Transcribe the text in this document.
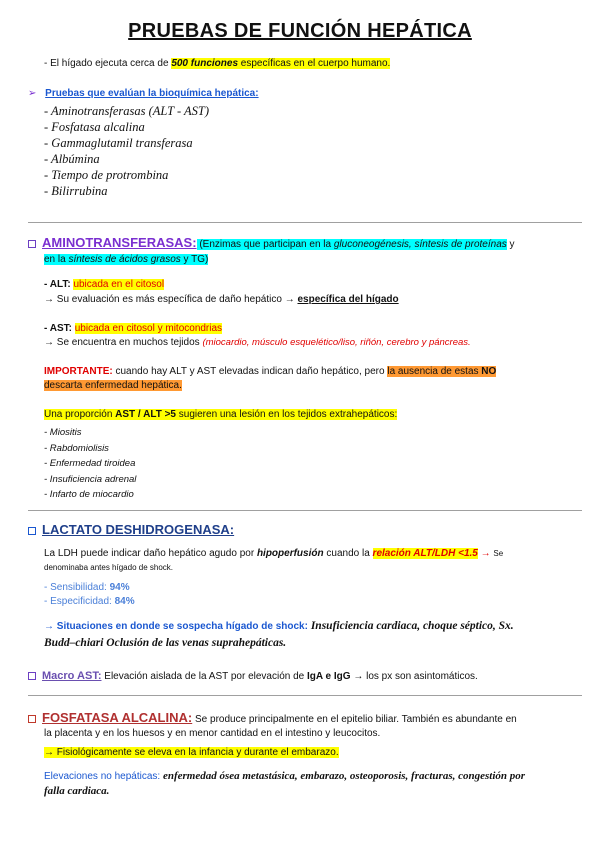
PRUEBAS DE FUNCIÓN HEPÁTICA
- El hígado ejecuta cerca de 500 funciones específicas en el cuerpo humano.
➢ Pruebas que evalúan la bioquímica hepática:
- Aminotransferasas (ALT - AST)
- Fosfatasa alcalina
- Gammaglutamil transferasa
- Albúmina
- Tiempo de protrombina
- Bilirrubina
AMINOTRANSFERASAS: (Enzimas que participan en la gluconeogénesis, síntesis de proteínas y
en la síntesis de ácidos grasos y TG)
- ALT: ubicada en el citosol
→ Su evaluación es más específica de daño hepático → específica del hígado
- AST: ubicada en citosol y mitocondrias
→ Se encuentra en muchos tejidos (miocardio, músculo esquelético/liso, riñón, cerebro y páncreas.
IMPORTANTE: cuando hay ALT y AST elevadas indican daño hepático, pero la ausencia de estas NO
descarta enfermedad hepática.
Una proporción AST / ALT >5 sugieren una lesión en los tejidos extrahepáticos:
- Miositis
- Rabdomiolisis
- Enfermedad tiroidea
- Insuficiencia adrenal
- Infarto de miocardio
LACTATO DESHIDROGENASA:
La LDH puede indicar daño hepático agudo por hipoperfusión cuando la relación ALT/LDH <1.5 → Se
denominaba antes hígado de shock.
- Sensibilidad: 94%
- Especificidad: 84%
→ Situaciones en donde se sospecha hígado de shock: Insuficiencia cardiaca, choque séptico, Sx.
Budd–chiari Oclusión de las venas suprahepáticas.
Macro AST: Elevación aislada de la AST por elevación de IgA e IgG → los px son asintomáticos.
FOSFATASA ALCALINA: Se produce principalmente en el epitelio biliar. También es abundante en
la placenta y en los huesos y en menor cantidad en el intestino y leucocitos.
→ Fisiológicamente se eleva en la infancia y durante el embarazo.
Elevaciones no hepáticas: enfermedad ósea metastásica, embarazo, osteoporosis, fracturas, congestión por
falla cardiaca.
